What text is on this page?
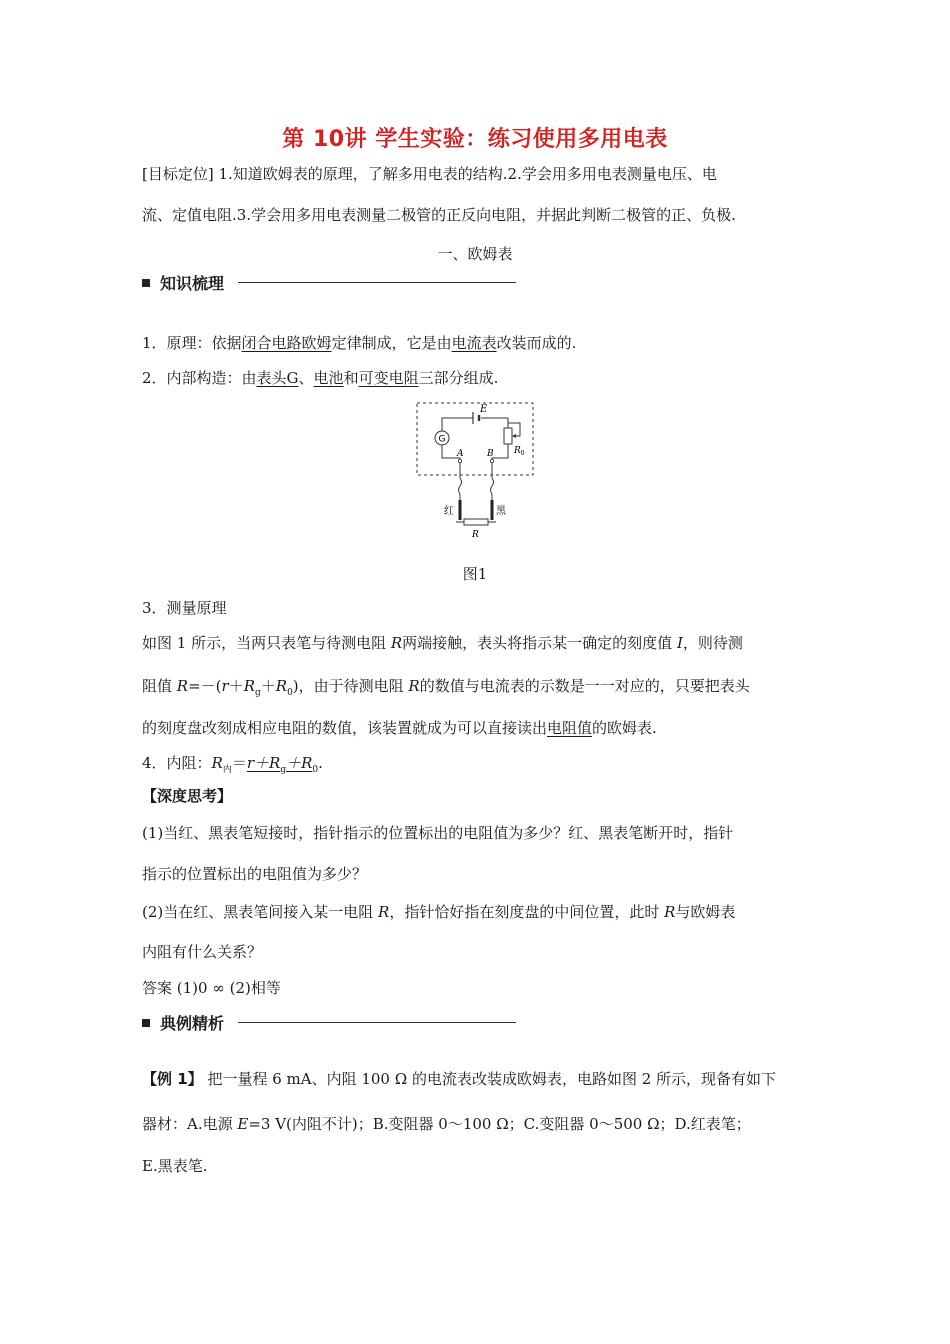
第 10讲 学生实验：练习使用多用电表
[目标定位] 1.知道欧姆表的原理，了解多用电表的结构.2.学会用多用电表测量电压、电
流、定值电阻.3.学会用多用电表测量二极管的正反向电阻，并据此判断二极管的正、负极.
一、欧姆表
知识梳理
1．原理：依据闭合电路欧姆定律制成，它是由电流表改装而成的.
2．内部构造：由表头G、电池和可变电阻三部分组成.
E
G
$R_0$
A	B
红	黑
R
图1
3．测量原理
如图 1 所示，当两只表笔与待测电阻 R两端接触，表头将指示某一确定的刻度值 I，则待测
阻值 $R=-(r+R_g+R_0)$，由于待测电阻 R的数值与电流表的示数是一一对应的，只要把表头
的刻度盘改刻成相应电阻的数值，该装置就成为可以直接读出电阻值的欧姆表.
4．内阻：$R_内=r+R_g+R_0$.
【深度思考】
(1)当红、黑表笔短接时，指针指示的位置标出的电阻值为多少？红、黑表笔断开时，指针
指示的位置标出的电阻值为多少？
(2)当在红、黑表笔间接入某一电阻 R，指针恰好指在刻度盘的中间位置，此时 R与欧姆表
内阻有什么关系？
答案 (1)0 ∞ (2)相等
典例精析
【例 1】 把一量程 6 mA、内阻 100 Ω 的电流表改装成欧姆表，电路如图 2 所示，现备有如下
器材：A.电源 E=3 V(内阻不计)；B.变阻器 0～100 Ω；C.变阻器 0～500 Ω；D.红表笔；
E.黑表笔.
